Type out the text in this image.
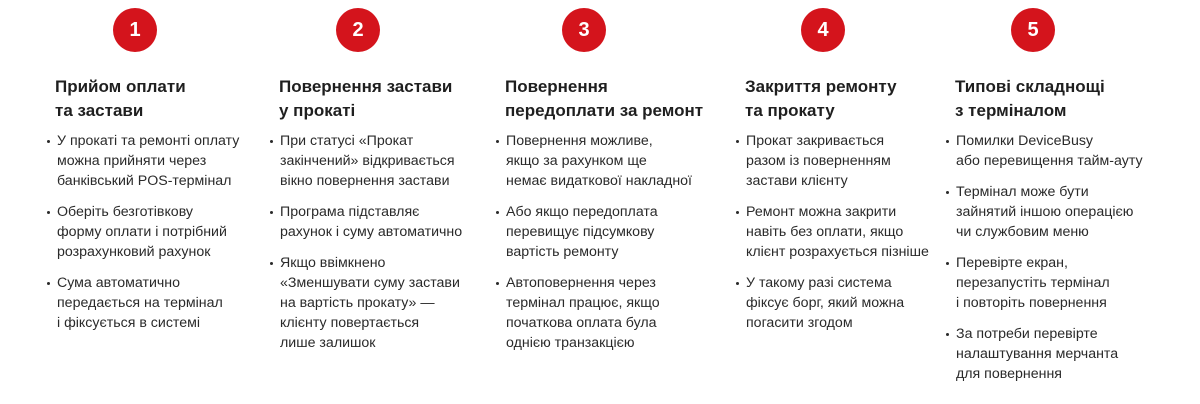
1
Прийом оплати
та застави
У прокаті та ремонті оплату
можна прийняти через
банківський POS-термінал
Оберіть безготівкову
форму оплати і потрібний
розрахунковий рахунок
Сума автоматично
передається на термінал
і фіксується в системі
2
Повернення застави
у прокаті
При статусі «Прокат
закінчений» відкривається
вікно повернення застави
Програма підставляє
рахунок і суму автоматично
Якщо ввімкнено
«Зменшувати суму застави
на вартість прокату» —
клієнту повертається
лише залишок
3
Повернення
передоплати за ремонт
Повернення можливе,
якщо за рахунком ще
немає видаткової накладної
Або якщо передоплата
перевищує підсумкову
вартість ремонту
Автоповернення через
термінал працює, якщо
початкова оплата була
однією транзакцією
4
Закриття ремонту
та прокату
Прокат закривається
разом із поверненням
застави клієнту
Ремонт можна закрити
навіть без оплати, якщо
клієнт розрахується пізніше
У такому разі система
фіксує борг, який можна
погасити згодом
5
Типові складнощі
з терміналом
Помилки DeviceBusy
або перевищення тайм-ауту
Термінал може бути
зайнятий іншою операцією
чи службовим меню
Перевірте екран,
перезапустіть термінал
і повторіть повернення
За потреби перевірте
налаштування мерчанта
для повернення
